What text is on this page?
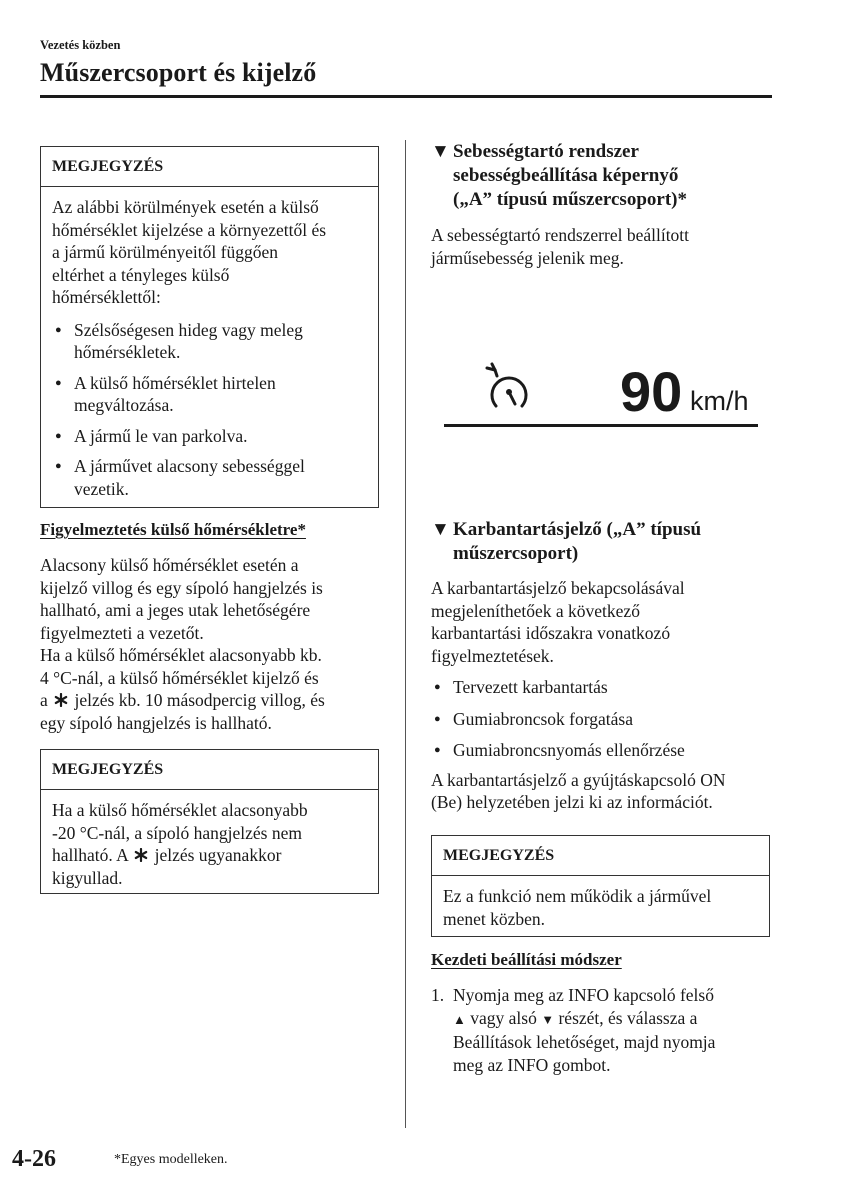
Vezetés közben
Műszercsoport és kijelző
MEGJEGYZÉS
Az alábbi körülmények esetén a külső
hőmérséklet kijelzése a környezettől és
a jármű körülményeitől függően
eltérhet a tényleges külső
hőmérséklettől:
● Szélsőségesen hideg vagy meleg
hőmérsékletek.
● A külső hőmérséklet hirtelen
megváltozása.
● A jármű le van parkolva.
● A járművet alacsony sebességgel
vezetik.
Figyelmeztetés külső hőmérsékletre*
Alacsony külső hőmérséklet esetén a
kijelző villog és egy sípoló hangjelzés is
hallható, ami a jeges utak lehetőségére
figyelmezteti a vezetőt.
Ha a külső hőmérséklet alacsonyabb kb.
4 °C-nál, a külső hőmérséklet kijelző és
a jelzés kb. 10 másodpercig villog, és
egy sípoló hangjelzés is hallható.
MEGJEGYZÉS
Ha a külső hőmérséklet alacsonyabb
-20 °C-nál, a sípoló hangjelzés nem
hallható. A jelzés ugyanakkor
kigyullad.
▼ Sebességtartó rendszer
sebességbeállítása képernyő
(„A” típusú műszercsoport)*
A sebességtartó rendszerrel beállított
járműsebesség jelenik meg.
90 km/h
▼ Karbantartásjelző („A” típusú
műszercsoport)
A karbantartásjelző bekapcsolásával
megjeleníthetőek a következő
karbantartási időszakra vonatkozó
figyelmeztetések.
● Tervezett karbantartás
● Gumiabroncsok forgatása
● Gumiabroncsnyomás ellenőrzése
A karbantartásjelző a gyújtáskapcsoló ON
(Be) helyzetében jelzi ki az információt.
MEGJEGYZÉS
Ez a funkció nem működik a járművel
menet közben.
Kezdeti beállítási módszer
1. Nyomja meg az INFO kapcsoló felső
▲ vagy alsó ▼ részét, és válassza a
Beállítások lehetőséget, majd nyomja
meg az INFO gombot.
4-26	*Egyes modelleken.
